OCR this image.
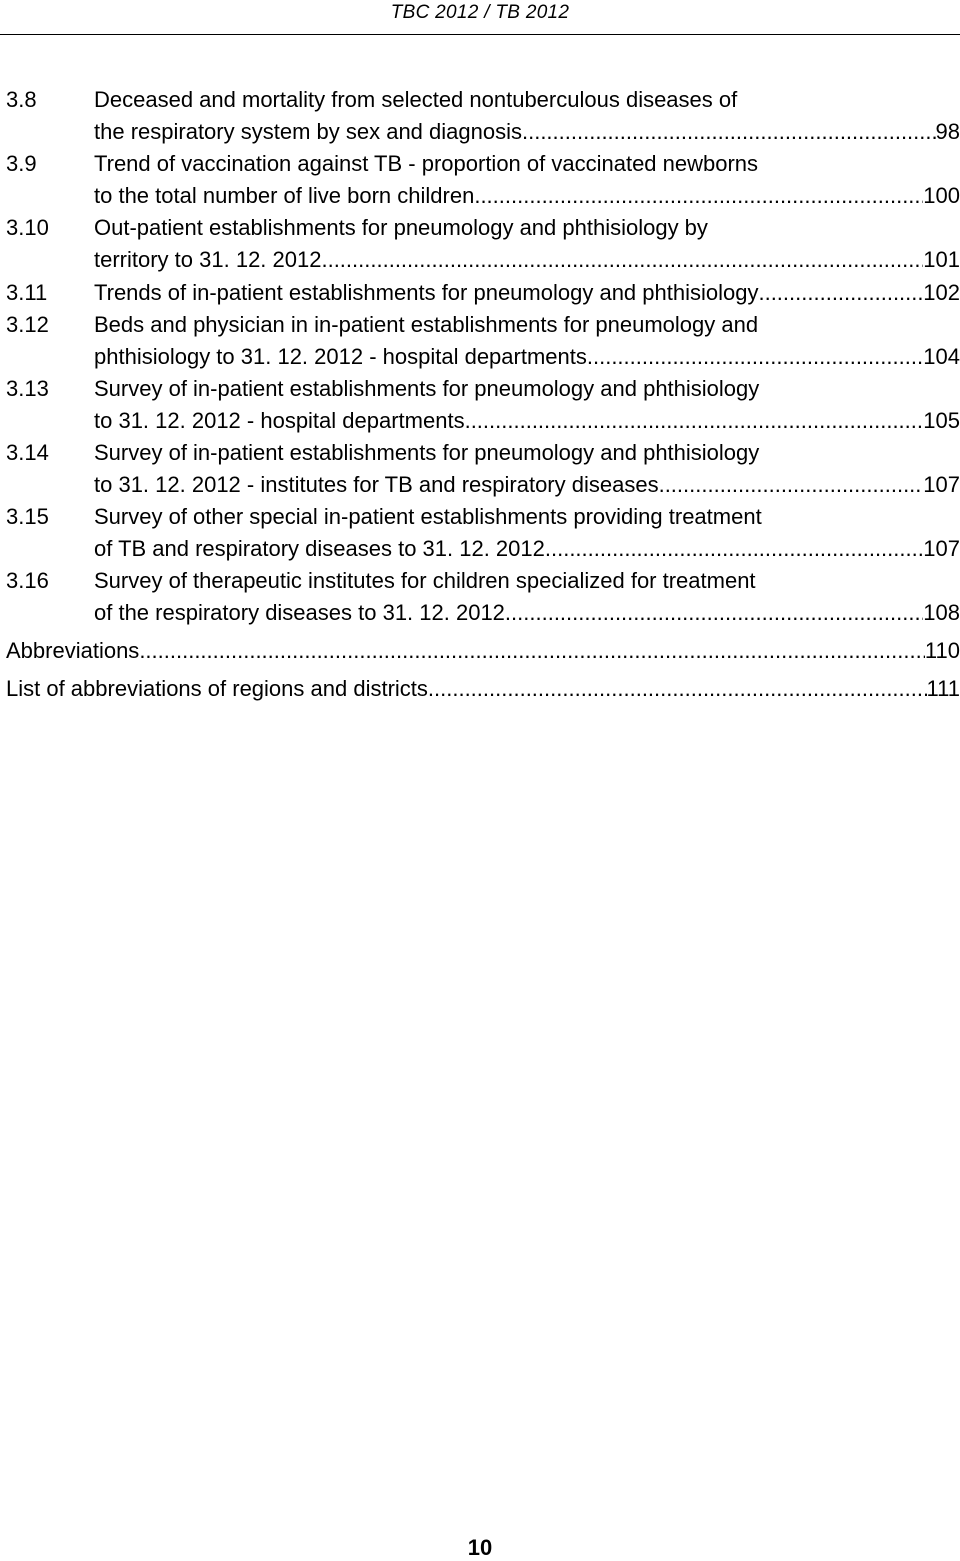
TBC 2012 / TB 2012
3.8	Deceased and mortality from selected nontuberculous diseases of
the respiratory system by sex and diagnosis .....	98
3.9	Trend of vaccination against TB - proportion of vaccinated newborns
to the total number of live born children .....	100
3.10 Out-patient establishments for pneumology and phthisiology by
territory to 31. 12. 2012 .....	101
3.11 Trends of in-patient establishments for pneumology and phthisiology .....	102
3.12 Beds and physician in in-patient establishments for pneumology and
phthisiology to 31. 12. 2012 - hospital departments .....	104
3.13 Survey of in-patient establishments for pneumology and phthisiology
to 31. 12. 2012 - hospital departments .....	105
3.14 Survey of in-patient establishments for pneumology and phthisiology
to 31. 12. 2012 - institutes for TB and respiratory diseases .....	107
3.15 Survey of other special in-patient establishments providing treatment
of TB and respiratory diseases to 31. 12. 2012 .....	107
3.16 Survey of therapeutic institutes for children specialized for treatment
of the respiratory diseases to 31. 12. 2012 .....	108
Abbreviations .....	110
List of abbreviations of regions and districts .....	111
10
